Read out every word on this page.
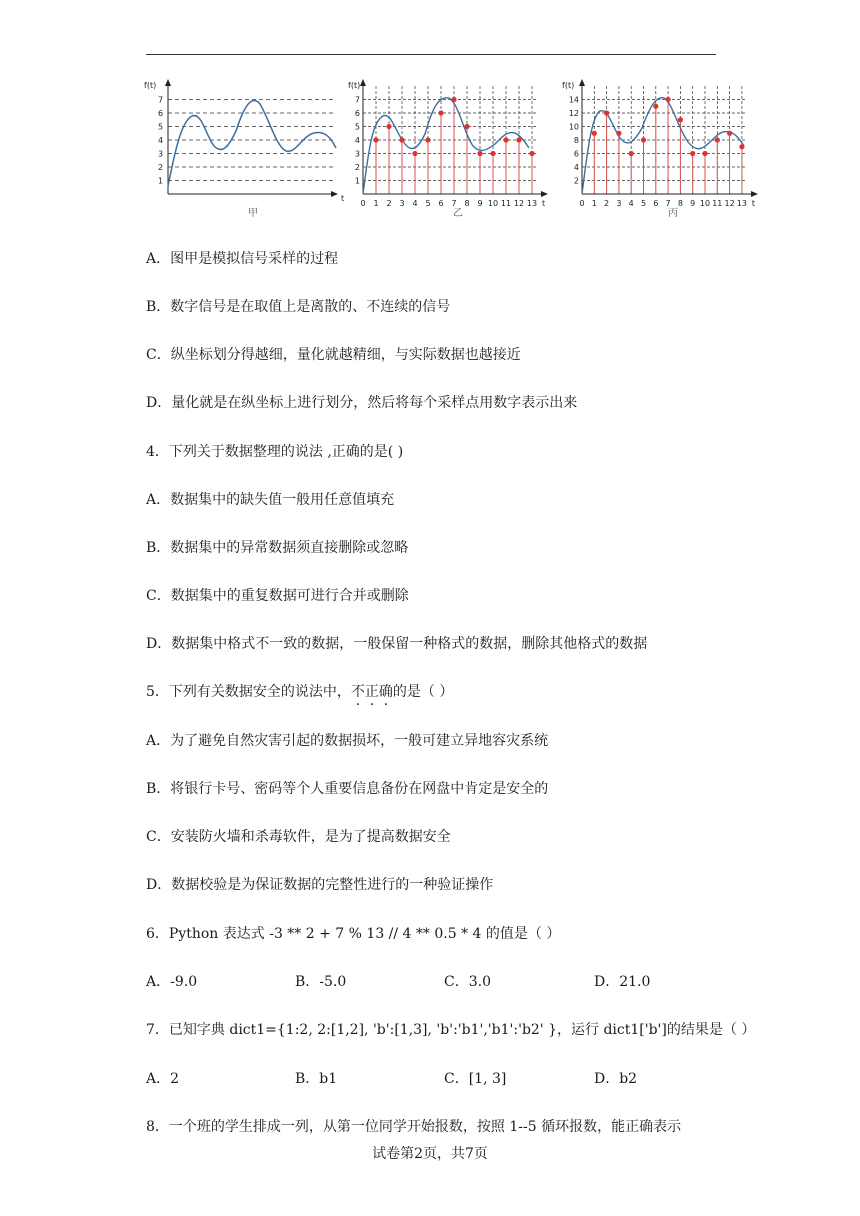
f(t)
t
1
2
3
4
5
6
7
甲
f(t)
1
2
3
4
5
6
7
0 1 2 3 4 5 6 7 8 9 10 11 12 13 t
乙
f(t)
2
4
6
8
10
12
14
0 1 2 3 4 5 6 7 8 9 10 11 12 13 t
丙
A．图甲是模拟信号采样的过程
B．数字信号是在取值上是离散的、不连续的信号
C．纵坐标划分得越细，量化就越精细，与实际数据也越接近
D．量化就是在纵坐标上进行划分，然后将每个采样点用数字表示出来
4．下列关于数据整理的说法 ,正确的是( )
A．数据集中的缺失值一般用任意值填充
B．数据集中的异常数据须直接删除或忽略
C．数据集中的重复数据可进行合并或删除
D．数据集中格式不一致的数据，一般保留一种格式的数据，删除其他格式的数据
5．下列有关数据安全的说法中，不正确的是（ ）
A．为了避免自然灾害引起的数据损坏，一般可建立异地容灾系统
B．将银行卡号、密码等个人重要信息备份在网盘中肯定是安全的
C．安装防火墙和杀毒软件，是为了提高数据安全
D．数据校验是为保证数据的完整性进行的一种验证操作
6．Python 表达式 -3 ** 2 + 7 % 13 // 4 ** 0.5 * 4 的值是（ ）
A．-9.0	B．-5.0	C．3.0	D．21.0
7．已知字典 dict1={1:2, 2:[1,2], 'b':[1,3], 'b':'b1','b1':'b2' }，运行 dict1['b']的结果是（ ）
A．2	B．b1	C．[1, 3]	D．b2
8．一个班的学生排成一列，从第一位同学开始报数，按照 1--5 循环报数，能正确表示
试卷第2页，共7页
